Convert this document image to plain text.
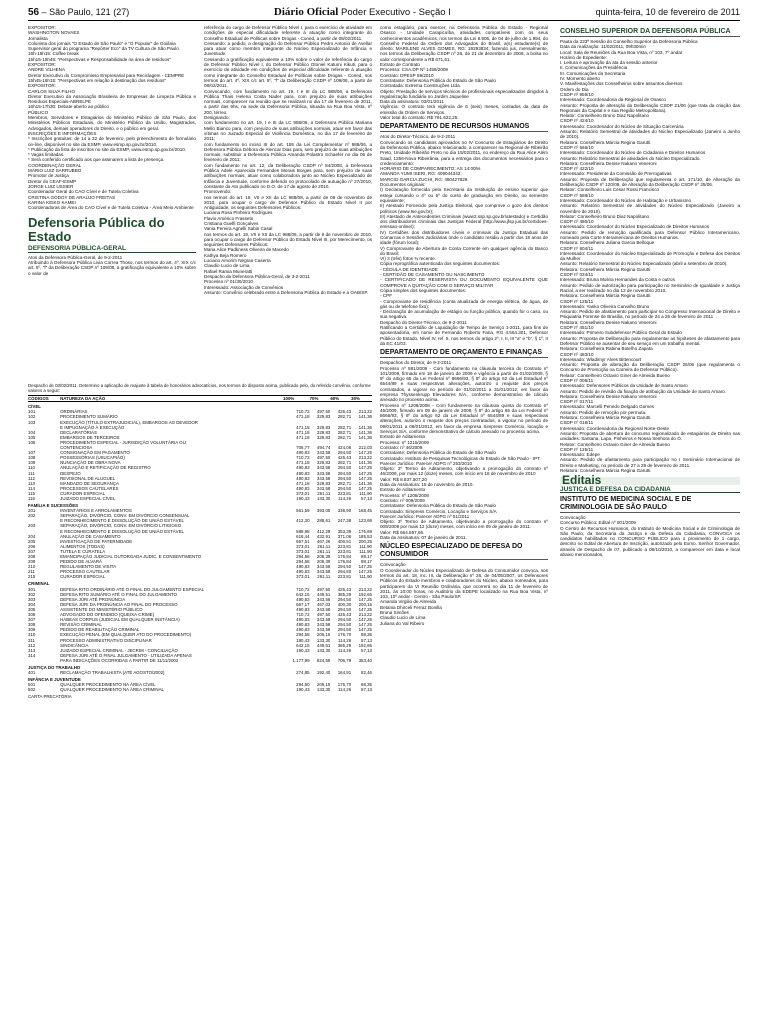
56 – São Paulo, 121 (27)	Diário Oficial Poder Executivo - Seção I	quinta-feira, 10 de fevereiro de 2011

EXPOSITOR:

WASHINGTON NOVAES

Jornalista

Colunista dos jornais "O Estado de São Paulo" e "O Popular" de Goiânia

Supervisor geral do programa "Repórter Eco" da TV Cultura de São Paulo

15h-15h15: Coffee break

15h15-15h45: "Perspectivas e Responsabilidade na área de resíduos"

EXPOSITOR:

ANDRE VILHENA

Diretor Executivo do Compromisso Empresarial para Reciclagem - CEMPRE

15h45-16h15: "Perspectivas em relação à destinação dos resíduos"

EXPOSITOR:

CARLOS SILVA FILHO

Diretor Executivo da Associação Brasileira de Empresas de Limpeza Pública e Resíduos Especiais-ABRELPE

16h15-17h30: Debate aberto ao público

PÚBLICO

Membros, Servidores e Estagiários do Ministério Público de São Paulo, dos Ministérios Públicos Estaduais, do Ministério Público da União, Magistrados, Advogados, demais operadores do Direito, e o público em geral.

INSCRIÇÕES E INFORMAÇÕES

* Inscrições gratuitas: de 14 a 22 de fevereiro, pelo preenchimento de formulário on-line, disponível no site da ESMP, www.esmp.sp.gov.br/2010.

* Publicação da lista de inscritos no site da ESMP, www.esmp.sp.gov.br/2010.

* Vagas limitadas.

* Será conferido certificado aos que assinarem a lista de presença.

COORDENAÇÃO GERAL

MÁRIO LUIZ SARRUBBO

Promotor de Justiça

Diretor do CEAF-ESMP

JORGE LUIZ USSIER

Coordenador Geral do CAO Cível e de Tutela Coletiva

CRISTINA GODOY DE ARAÚJO FREITAS

KARINA KEIKO KAMEI

Coordenadoras de Área do CAO Cível e de Tutela Coletiva - Área Meio Ambiente

Defensoria Pública do Estado
DEFENSORIA PÚBLICA-GERAL

Atos da Defensora Pública-Geral, de 9-2-2011

Atribuindo à Defensora Pública Livia Correa Thoso, nos termos do art. 4º, XIX c/c art. 5º, "f" da Deliberação CSDP nº 109/08, a gratificação equivalente a 10% sobre o valor de

referência do cargo de Defensor Público Nível I, para o exercício de atividade em condições de especial dificuldade referente à atuação como integrante do Conselho Estadual de Políticas sobre Drogas - Coned, a partir de 08/02/2011.

Cessando: a pedido, a designação do Defensor Público Pedro Antonio de Avellar para atuar como membro integrante do Núcleo Especializado de Infância e Juventude.

Cessando a gratificação equivalente a 10% sobre o valor de referência do cargo de Defensor Público Nível I, do Defensor Público Otoniel Katumi Kikuti, para o exercício de atividade em condições de especial dificuldade referente à atuação como integrante do Conselho Estadual de Políticas sobre Drogas - Coned, nos termos do art. 4º, XIX c/c art. 5º, "f" da Deliberação CSDP nº 109/08, a partir de 08/02/2011.

Convocando, com fundamento no art. 19, I e III da LC 988/06, a Defensora Pública Thais Helena Costa Nader para, com prejuízo de suas atribuições normais, comparecer na reunião que se realizará no dia 17 de fevereiro de 2011, a partir das 9hs, na sede da Defensoria Pública, situada na Rua Boa Vista, nº 200, térreo.

Designando:

com fundamento no art. 19, I e III da LC 988/06, a Defensora Pública Mariana Mello Bianco para, com prejuízo de suas atribuições normais, atuar em favor das vítimas no Juizado Especial de Violência Doméstica, no dia 17 de fevereiro de 2011;

com fundamento no inciso III do art. 155 da Lei Complementar nº 988/06, a Defensora Pública Débora de Alencar Dias para, sem prejuízo de suas atribuições normais, substituir a Defensora Pública Amanda Polastro Schaefer no dia 06 de fevereiro de 2011;

com fundamento no art. 12, da Deliberação CSDP nº 84/2008, a Defensora Pública Adele Aparecida Fernandes Morais Borges para, sem prejuízo de suas atribuições normais, atuar como colaboradora junto ao Núcleo Especializado de Infância e Juventude, conforme deferido no protocolado de autuação nº 27/2010, constante do Ato publicado no D.O. de 17 de agosto de 2010.

Promovendo:

nos termos do art. 19, VII e XII da LC 988/08, a partir de 09 de novembro de 2010, para ocupar o cargo de Defensor Público do Estado Nível II por Antiguidade, os seguintes Defensores Públicos:

Luciana Rosa Pinheiro Rodrigues

Flavio Américo Frasseto

Cristiana Guelfi Gonçalves

Vania Pereira Agnelli Sabin Casal

nos termos do art. 19, VII e XII da LC 988/06, a partir de 9 de novembro de 2010, para ocupar o cargo de Defensor Público do Estado Nível III, por Merecimento, os seguintes Defensores Públicos:

Maria Alice Padkness Oliveira de Macedo

Kathya Beja Romero

Luciano Amorim Negrao Caserta

Claudio Lucio de Lima

Rafael Ramia Muneratti

Despacho da Defensora Pública-Geral, de 3-2-2011

Processo nº 01/30/2010

Interessado: Associação de Convênios

Assunto: Convênio celebrado entre a Defensoria Pública do Estado e a OAB/SP.

Despacho de 03/02/2011. Determino a aplicação de reajuste à tabela de honorários advocatícios, nos termos do disposto acima, publicado pelo, do referido convênio, conforme valores a seguir:

CÓDIGOS	NATUREZA DA AÇÃO	100%	70%	60%	30%
CÍVEL					
101	ORDINÁRIAS	710,72	497,50	426,43	213,22
102	PROCEDIMENTO SUMÁRIO	471,18	329,83	282,71	141,36
103	EXECUÇÃO (TÍTULO EXTRAJUDICIAL), EMBARGOS AO DEVEDOR				
	E IMPUGNAÇÃO À EXECUÇÃO	471,18	329,83	282,71	141,36
104	DECLARATÓRIAS	471,18	329,83	282,71	141,36
105	EMBARGOS DE TERCEIROS	471,18	329,83	282,71	141,36
106	PROCEDIMENTO ESPECIAL - JURISDIÇÃO VOLUNTÁRIA OU				
	CONTENCIOSA	706,77	494,74	424,06	212,03
107	CONSIGNAÇÃO EM PAGAMENTO	490,83	343,58	294,50	147,25
108	POSSESSÓRIAS (USUCAPIÃO)	710,72	497,50	426,43	213,22
109	NUNCIAÇÃO DE OBRA NOVA	471,18	329,83	282,71	141,36
110	ANULAÇÃO E RETIFICAÇÃO DE REGISTRO	490,83	343,58	294,50	147,25
111	DESPEJO	490,83	343,58	294,50	147,25
112	REVISIONAL DE ALUGUEL	490,83	343,58	294,50	147,25
113	MANDADO DE SEGURANÇA	471,18	329,83	282,71	141,36
114	PROCESSOS CAUTELARES	490,83	343,58	294,50	147,25
115	CURADOR ESPECIAL	373,01	261,11	223,81	111,90
116	JUIZADO ESPECIAL CÍVEL	190,43	133,30	114,26	57,13
FAMÍLIA E SUCESSÕES					
201	INVENTÁRIOS E ARROLAMENTOS	561,59	393,05	336,90	168,45
202	SEPARAÇÃO, DIVÓRCIO, CONV. EM DIVÓRCIO CONSENSUAL				
	E RECONHECIMENTO E DISSOLUÇÃO DE UNIÃO ESTÁVEL	412,30	288,61	247,38	123,69
203	SEPARAÇÃO, DIVÓRCIO, CONV. EM DIVÓRCIO LITIGIOSO				
	E RECONHECIMENTO E DISSOLUÇÃO DE UNIÃO ESTÁVEL	588,98	412,29	353,39	176,69
204	ANULAÇÃO DE CASAMENTO	618,44	432,91	371,06	185,53
205	INVESTIGAÇÃO DE PATERNIDADE	667,51	467,26	400,51	200,25
206	ALIMENTOS (TODAS)	373,01	261,11	223,81	111,90
207	TUTELA E CURATELA	373,01	261,11	223,81	111,90
208	EMANCIPAÇÃO JUDICIAL OUTORGADA JUDIC. E CONSENTIMENTO	294,58	206,39	176,84	88,17
209	PEDIDO DE ALVARÁ	294,58	206,39	176,84	88,17
210	REGULAMENTO DE VISITA	490,83	343,58	294,50	147,25
211	PROCESSO CAUTELAR	490,83	343,58	294,50	147,25
215	CURADOR ESPECIAL	373,01	261,11	223,81	111,90
CRIMINAL					
301	DEFESA RITO ORDINÁRIO ATÉ O FINAL DO JULGAMENTO ESPECIAL	710,72	497,50	426,43	213,22
302	DEFESA RITO SUMÁRIO ATÉ O FINAL DO JULGAMENTO	642,15	449,51	385,29	192,65
303	DEFESA JÚRI ATÉ PRONÚNCIA	490,83	343,58	294,50	147,25
304	DEFESA JÚRI DA PRONÚNCIA AO FINAL DO PROCESSO	667,17	467,02	400,30	200,15
305	ASSISTENTE DO MINISTÉRIO PÚBLICO	490,83	343,58	294,50	147,25
306	ADVOGADO DO OFENDIDO (QUEIXA-CRIME)	710,72	497,50	426,43	213,22
307	HABEAS CORPUS (JUDICIAL EM QUALQUER INSTÂNCIA)	490,83	343,58	294,50	147,25
308	REVISÃO CRIMINAL	490,83	343,58	294,50	147,25
309	PEDIDO DE REABILITAÇÃO CRIMINAL	490,83	343,58	294,50	147,25
310	EXECUÇÃO PENAL (EM QUALQUER ATO DO PROCEDIMENTO)	294,58	206,15	176,70	88,35
311	PROCESSO ADMINISTRATIVO DISCIPLINAR	190,43	133,30	114,26	57,13
312	SINDICÂNCIA	642,15	449,51	385,29	192,65
313	JUIZADO ESPECIAL CRIMINAL - JECRIM - CONCILIAÇÃO	190,43	133,30	114,26	57,13
314	DEFESA JÚRI ATÉ O FINAL JULGAMENTO - UTILIZADA APENAS				
	PARA INDICAÇÕES OCORRIDAS A PARTIR DE 11/11/2002	1.177,99	824,59	706,79	353,40
JUSTIÇA DO TRABALHO					
401	RECLAMAÇÃO TRABALHISTA (ATÉ AGOSTO/2002)	274,85	192,40	164,91	82,46
INFÂNCIA E JUVENTUDE					
501	QUALQUER PROCEDIMENTO NA ÁREA CÍVEL	294,50	206,15	176,70	88,35
502	QUALQUER PROCEDIMENTO NA ÁREA CRIMINAL	190,43	133,30	114,26	57,13

CARTA PRECATÓRIA

como estagiário, para exercer, na Defensoria Pública do Estado - Regional Osasco - Unidade Carapicuíba, atividades compatíveis com os seus conhecimentos acadêmicos, nos termos da Lei 8.906, de 04 de julho de 1.994, do Conselho Federal da Ordem dos Advogados do Brasil, a(s) estudante(s) de direito: MARILENE ALVES GOMES, RG: 19293834; fazendo jus, mensalmente, nos termos da Deliberação CSDP nº 26, de 21 de dezembro de 2006, a bolsa no valor correspondente a R$ 671,61.

Extrato de Contrato

Processo: CSA.DP Nº 1459/2009

Contrato: DPESP 59/2010

Contratante: Defensoria Pública do Estado de São Paulo

Contratada: Extrema Construções Ltda.

Objeto: Prestação de serviços técnicos de profissionais especializados dirigidos à regularização fundiária no Jardim Jaqueline

Data da assinatura: 03/01/2011

Vigência: O contrato terá vigência de 6 (seis) meses, contados da data de emissão da Ordem de Serviços.

Valor total do contrato: R$ 791.622,25.

DEPARTAMENTO DE RECURSOS HUMANOS

Atos do Diretor-Técnico, de 9-2-2011

Convocando os candidatos aprovados no IV Concurso de Estagiários de Direito da Defensoria Pública, abaixo relacionado, a comparecer na Regional de Ribeirão Preto, Unidade Ribeirão Preto no dia 15/02/2011, no endereço da Rua Alice Além Saad, 1256-Nova Ribeirânia, para a entrega dos documentos necessários para o credenciamento:

HORÁRIO DE COMPARECIMENTO: AS 14:00hs

AMANDA YUMI ISERI, RG: 409044342;

MARCIO GARCIA ZUCHI, RG: 460427829.

Documentos originais:

I) Declaração fornecida pela Secretaria da Instituição de ensino superior que esteja cursando o 4º ou 5º do curso de graduação em Direito, ou semestre equivalente;

II) Atestado Fornecido pela Justiça Eleitoral, que comprove o gozo dos direitos políticos (www.tse.gov.br);

III) Atestado de Antecedentes Criminais (www2.ssp.sp.gov.br/atestado) e Certidão dos distribuidores criminais das Justiças Federal (http://www.jfsp.jus.br/certidoes-emissao-online/);

IV) Certidões dos distribuidores cíveis e criminais da Justiça Estadual das Comarcas e Sessões Judiciárias onde o candidato residiu a partir dos 18 anos de idade (fórum local);

V) Comprovante de Abertura de Conta Corrente em qualquer agência do Banco do Brasil;

VI) 3 (três) fotos ¾ recente.

Cópia reprográfica autenticada dos seguintes documentos:

- CÉDULA DE IDENTIDADE

- CERTIDÃO DE CASAMENTO OU NASCIMENTO

- CERTIFICADO DE RESERVISTA OU DOCUMENTO EQUIVALENTE QUE COMPROVE A QUITAÇÃO COM O SERVIÇO MILITAR

Cópia simples dos seguintes documentos:

- CPF

- Comprovante de residência (conta atualizada de energia elétrica, de água, de gás ou de telefone fixo);

- Declaração de acumulação de estágio ou função pública, quando for o caso, ou sua negativa.

Despacho do Diretor-Técnico, de 9-2-2011

Ratificando a Certidão de Liquidação de Tempo de Serviço 1-2011, para fins de aposentadoria, em nome de Fernando Roberto Faria, RG 4.564.301, Defensor Público do Estado, Nível IV, ref. 5, nos termos do artigo 2º, I, II, III "a" e "b", § 1º, II da EC 41/03.

DEPARTAMENTO DE ORÇAMENTO E FINANÇAS

Despachos do Diretor, de 9-2-2011

Processo nº 881/2009 - Com fundamento na cláusula terceira do Contrato nº 101/2009, firmado em 18 de janeiro de 2009 e vigência a partir de 01/02/2009, § 8º do artigo 65 da Lei Federal nº 8666/93, § 8º do artigo 62 da Lei Estadual nº 6544/89 e suas respectivas alterações, autorizo o reajuste dos preços contratados, a vigorar no período de 01/02/2011 a 31/01/2012, em favor da empresa Thyssenkrupp Elevadores S/A., conforme demonstrativo de cálculo anexado no processo acima.

Processo nº 1208/2008 - Com fundamento na cláusula quinta do Contrato nº 46/2009, firmado em 09 de janeiro de 2009, § 8º do artigo 65 da Lei Federal nº 8666/93, § 8º do artigo 62 da Lei Estadual nº 6544/89 e suas respectivas alterações, autorizo o reajuste dos preços contratados, a vigorar no período de 09/01/2011 a 08/01/2012, em favor da empresa Simpress Comércio, locação e Serviços S/A, conforme demonstrativo de cálculo anexado no processo acima.

Extrato de Aditamento

Processo: nº 1215/2009

Contrato: nº 46/2009

Contratante: Defensoria Pública do Estado de São Paulo

Contratado: Instituto de Pesquisas Tecnológicas do Estado de São Paulo - IPT

Parecer Jurídico: Parecer ADPG nº 253/2010

Objeto: 3º Termo de Aditamento, objetivando a prorrogação do contrato nº 46/2009, por mais 12 (doze) meses, com início em 18 de novembro de 2010

Valor: R$ 8.837.507,20

Data da Assinatura: 15 de novembro de 2010.

Extrato de Aditamento

Processo: nº 1208/2008

Contrato: nº 009/2009

Contratante: Defensoria Pública do Estado de São Paulo

Contratado: Simpress Comércio, Locação e Serviços S/A

Parecer Jurídico: Parecer ADPG nº 51/2011

Objeto: 3º Termo de Aditamento, objetivando a prorrogação do contrato nº 009/2009 por mais 12 (doze) meses, com início em 09 de janeiro de 2011.

Valor: R$ 664.857,66.

Data da Assinatura: 07 de janeiro de 2011.

NÚCLEO ESPECIALIZADO DE DEFESA DO CONSUMIDOR

Convocação

O Coordenador do Núcleo Especializado de Defesa do Consumidor convoca, nos termos do art. 18, inc. III, da Deliberação nº 26, de 04/05/2007, os Defensores Públicos do Estado membros e colaboradores do Núcleo, abaixo nomeados, para participarem da VI Reunião Ordinária, que ocorrerá no dia 11 de fevereiro de 2011, às 10:00 horas, no Auditório da EDEPE localizado na Rua Boa Vista, nº 103, 10º andar - Centro - São Paulo/SP.

Amanda Virgilio de Almeida

Betania Dhirceli Ferraz Bonilla

Bruna Simões

Claudio Lucio de Lima

Juliana do Val Ribeiro

CONSELHO SUPERIOR DA DEFENSORIA PÚBLICA

Pauta da 223ª Sessão do Conselho Superior da Defensoria Pública

Data da realização: 11/02/2011, 09h30min

Local: Sala de Reuniões da Rua Boa Vista, nº 103, 7º andar

Horário de Expediente:

I. Leitura e aprovação da ata da sessão anterior

II. Comunicações da Presidência

III. Comunicações da Secretaria

IV. Momento aberto

V. Manifestações dos Conselheiros sobre assuntos diversos

Ordem do Dia

CSDP nº 959/10

Interessado: Coordenadoria da Regional de Osasco

Assunto: Proposta de alteração da Deliberação CSDP 21/06 (que trata da criação das Regionais da Capital e e sua Região Metropolitana).

Relator: Conselheiro Bruno Diaz Napolitano

CSDP nº 424/10

Interessado: Coordenador do Núcleo de Situação Carcerária

Assunto: Relatório Semestral de atividades do Núcleo Especializado (Janeiro a Junho de 2010).

Relatora: Conselheira Márcia Regina Garutti

CSDP nº 566/10

Interessado: Coordenador do Núcleo de Cidadania e Direitos Humanos

Assunto: Relatório Semestral de atividades do Núcleo Especializado.

Relatora: Conselheira Denise Nakano Veneroni

CSDP nº 422/10

Interessado: Presidente da Comissão de Prerrogativas

Assunto: Proposta de Deliberação que regulamenta o art. 171/10, de Alteração da Deliberação CSDP nº 120/09, de Alteração da Deliberação CSDP nº 25/06.

Relator: Conselheiro Luis Cesar Rossi Francisco

CSDP nº 588/10

Interessado: Coordenador do Núcleo de Habitação e Urbanismo

Assunto: Relatório Semestral de atividades do Núcleo Especializado (Janeiro a novembro de 2010).

Relator: Conselheiro Bruno Diaz Napolitano

CSDP nº 480/10

Interessado: Coordenador do Núcleo Especializado de Direitos Humanos

Assunto: Pedido de remoção qualificada para Defensor Público Interamericano, nomeado pela Corte Interamericana de Direitos Humanos.

Relatora: Conselheira Juliana Garcia Belloque

CSDP nº 804/11

Interessado: Coordenador do Núcleo Especializado de Promoção e Defesa dos Direitos da Mulher

Assunto: Relatório Semestral do Núcleo Especializado (abril a setembro de 2010).

Relatora: Conselheira Márcia Regina Garutti

CSDP nº 034/11

Interessado: Bruna Molina Hernandes da Costa e outros

Assunto: Pedido de autorização para participação no Seminário de Igualdade e Justiça Racial, a ser realizado no dia 12 de novembro 2010.

Relatora: Conselheira Márcia Regina Garutti

CSDP nº 125/11

Interessado: Yanko Oliveira Carvalho Bruno

Assunto: Pedido de afastamento para participar no Congresso Internacional de Direito e Psiquiatria Forense de Brasília, no período de 24 a 26 de fevereiro de 2011

Relatora: Conselheira Denise Nakano Veneroni

CSDP nº 451/10

Interessado: Primeiro Subdefensor Público Geral do Estado

Assunto: Proposta de Deliberação para regulamentar as hipóteses de afastamento para Defensor Público se ausentar de seu serviço em um trabalho mental.

Relatora: Conselheira Rabina Botelho Zapata

CSDP nº 483/10

Interessado: Wladimyr Alves Bittencourt

Assunto: Proposta de alteração da Deliberação CSDP 25/06 (que regulamenta o Concurso de Promoção na Carreira de Defensor Público).

Relator: Conselheiro Octavio Giner de Almeida Bueno

CSDP nº 006/11

Interessado: Defensores Públicos da Unidade de Santo Amaro

Assunto: Pedido de revisão da fixação de atribuição da Unidade de Santo Amaro.

Relatora: Conselheira Denise Nakano Veneroni

CSDP nº 017/11

Interessado: Marcelli Penedo Delgado Gomes

Assunto: Pedido de remoção por permuta.

Relatora: Conselheira Márcia Regina Garutti

CSDP nº 018/11

Interessado: Coordenadoria da Regional Norte-Oeste

Assunto: Proposta de abertura de concurso regionalizado de estagiários de Direito nas unidades: Santana, Lapa, Pinheiros e Nossa Senhora do Ó.

Relator: Conselheiro Octavio Giner de Almeida Bueno

CSDP nº 125/11

Interessado: Edepe

Assunto: Pedido de afastamento para participação no I Seminário Internacional de Direito e Marketing, no período de 27 a 29 de fevereiro de 2011.

Relatora: Conselheira Márcia Regina Garutti

Editais
JUSTIÇA E DEFESA DA CIDADANIA
INSTITUTO DE MEDICINA SOCIAL E DE CRIMINOLOGIA DE SÃO PAULO

Convocação

Concurso Público: Edital nº 001/2009

O Centro de Recursos Humanos, do Instituto de Medicina Social e de Criminologia de São Paulo, da Secretaria da Justiça e da Defesa da Cidadania, CONVOCA os candidatos habilitados no CONCURSO PÚBLICO para o provimento de 1 cargo, descrito no Edital de Abertura de Inscrição, autorizado pelo Exmo. Senhor Governador, através de Despacho de 07, publicado a 08/10/2010, a comparecer em data e local abaixo mencionados,
